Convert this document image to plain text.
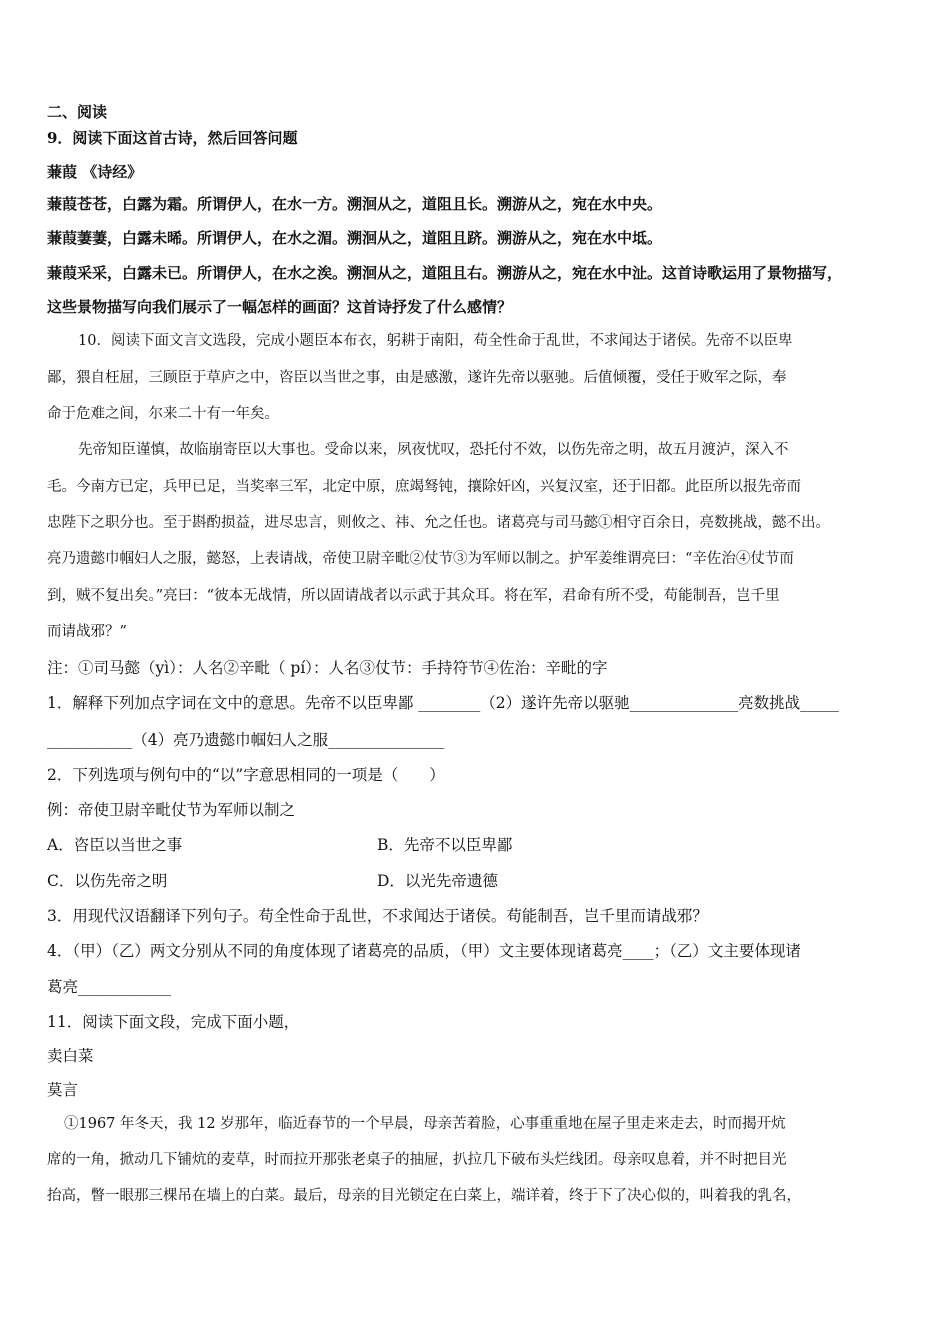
二、阅读
9．阅读下面这首古诗，然后回答问题
蒹葭 《诗经》
蒹葭苍苍，白露为霜。所谓伊人，在水一方。溯洄从之，道阻且长。溯游从之，宛在水中央。
蒹葭萋萋，白露未晞。所谓伊人，在水之湄。溯洄从之，道阻且跻。溯游从之，宛在水中坻。
蒹葭采采，白露未已。所谓伊人，在水之涘。溯洄从之，道阻且右。溯游从之，宛在水中沚。这首诗歌运用了景物描写，
这些景物描写向我们展示了一幅怎样的画面？这首诗抒发了什么感情？
10．阅读下面文言文选段，完成小题臣本布衣，躬耕于南阳，苟全性命于乱世，不求闻达于诸侯。先帝不以臣卑
鄙，猥自枉屈，三顾臣于草庐之中，咨臣以当世之事，由是感激，遂许先帝以驱驰。后值倾覆，受任于败军之际，奉
命于危难之间，尔来二十有一年矣。
先帝知臣谨慎，故临崩寄臣以大事也。受命以来，夙夜忧叹，恐托付不效，以伤先帝之明，故五月渡泸，深入不
毛。今南方已定，兵甲已足，当奖率三军，北定中原，庶竭驽钝，攘除奸凶，兴复汉室，还于旧都。此臣所以报先帝而
忠陛下之职分也。至于斟酌损益，进尽忠言，则攸之、祎、允之任也。诸葛亮与司马懿①相守百余日，亮数挑战，懿不出。
亮乃遗懿巾帼妇人之服，懿怒，上表请战，帝使卫尉辛毗②仗节③为军师以制之。护军姜维谓亮曰：“辛佐治④仗节而
到，贼不复出矣。”亮曰：“彼本无战情，所以固请战者以示武于其众耳。将在军，君命有所不受，苟能制吾，岂千里
而请战邪？”
注：①司马懿（yì）：人名②辛毗（ pí）：人名③仗节：手持符节④佐治：辛毗的字
1．解释下列加点字词在文中的意思。先帝不以臣卑鄙 ________（2）遂许先帝以驱驰______________亮数挑战_____
___________（4）亮乃遗懿巾帼妇人之服_______________
2．下列选项与例句中的“以”字意思相同的一项是（　　）
例：帝使卫尉辛毗仗节为军师以制之
A．咨臣以当世之事	B．先帝不以臣卑鄙
C．以伤先帝之明	D．以光先帝遗德
3．用现代汉语翻译下列句子。苟全性命于乱世，不求闻达于诸侯。苟能制吾，岂千里而请战邪？
4．（甲）（乙）两文分别从不同的角度体现了诸葛亮的品质，（甲）文主要体现诸葛亮____；（乙）文主要体现诸
葛亮____________
11．阅读下面文段，完成下面小题，
卖白菜
莫言
①1967 年冬天，我 12 岁那年，临近春节的一个早晨，母亲苦着脸，心事重重地在屋子里走来走去，时而揭开炕
席的一角，掀动几下铺炕的麦草，时而拉开那张老桌子的抽屉，扒拉几下破布头烂线团。母亲叹息着，并不时把目光
抬高，瞥一眼那三棵吊在墙上的白菜。最后，母亲的目光锁定在白菜上，端详着，终于下了决心似的，叫着我的乳名，
